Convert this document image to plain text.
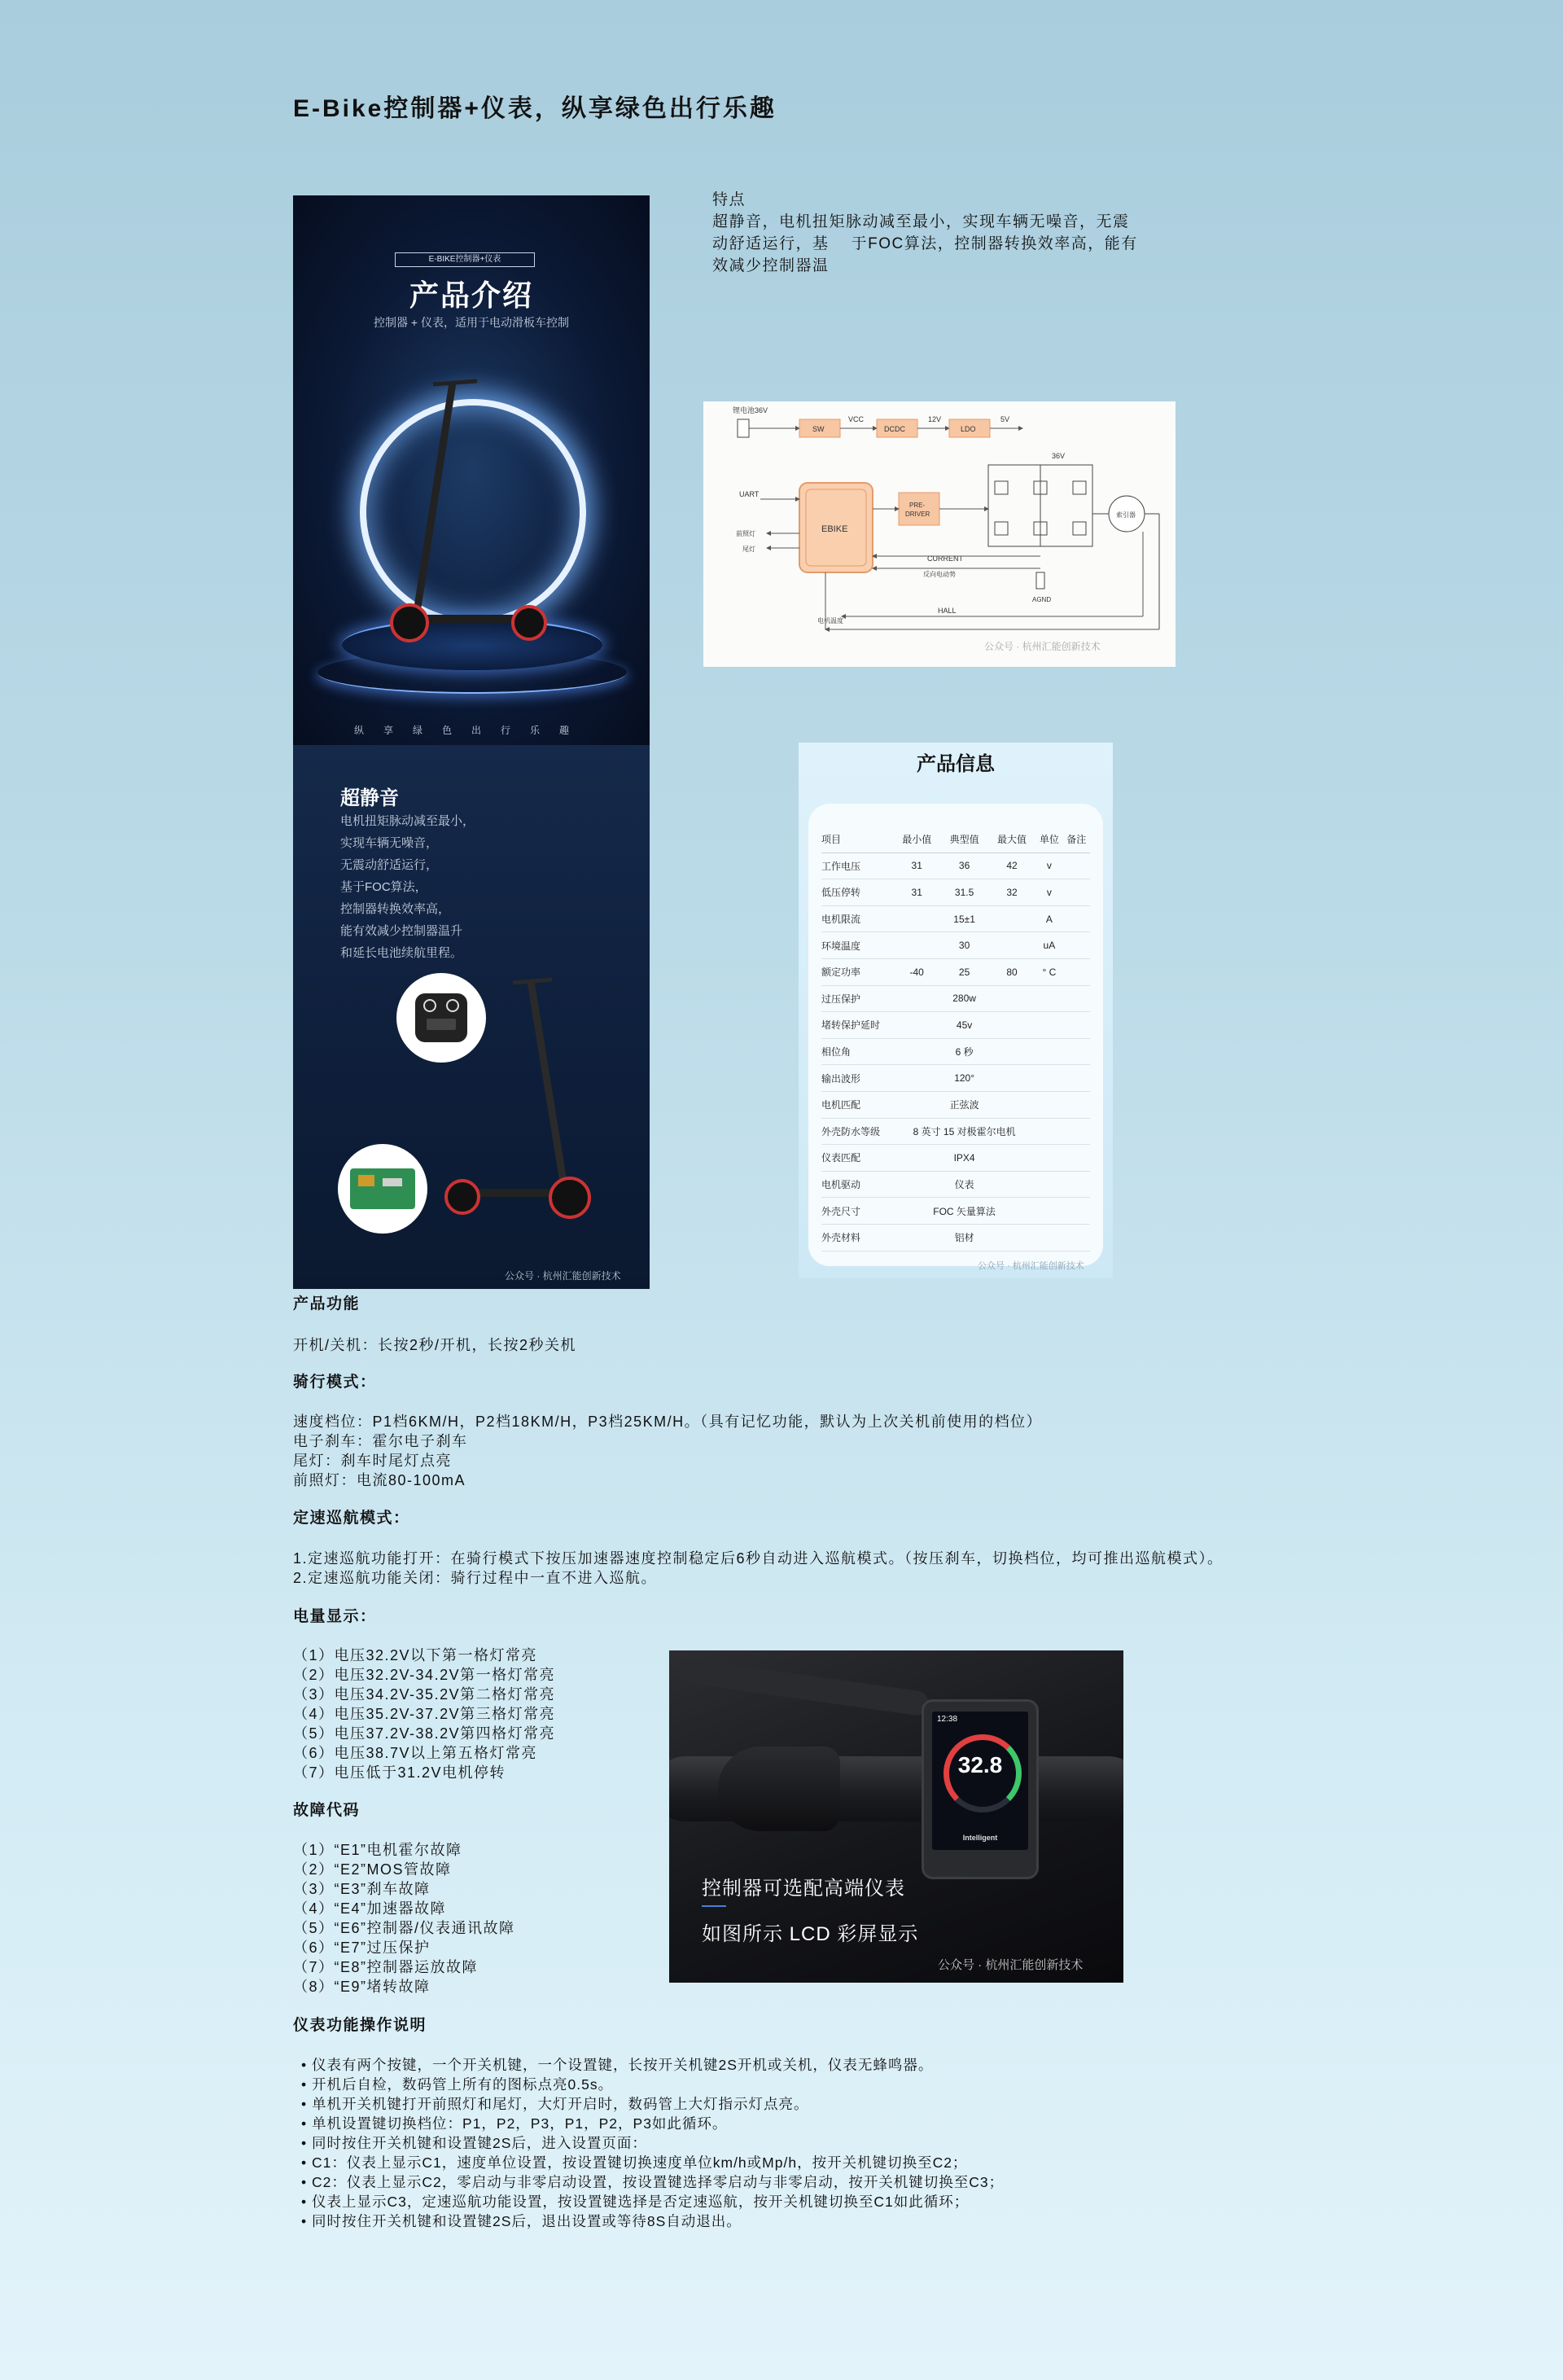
E-Bike控制器+仪表，纵享绿色出行乐趣
特点
超静音，电机扭矩脉动减至最小，实现车辆无噪音，无震
动舒适运行，基    于FOC算法，控制器转换效率高，能有
效减少控制器温
E-BIKE控制器+仪表
产品介绍
控制器 + 仪表，适用于电动滑板车控制
纵享绿色出行乐趣
超静音
电机扭矩脉动减至最小，
实现车辆无噪音，
无震动舒适运行，
基于FOC算法，
控制器转换效率高，
能有效减少控制器温升
和延长电池续航里程。
公众号 · 杭州汇能创新技术
锂电池36V
SW
VCC
DCDC
12V
LDO
5V
36V
EBIKE
PRE-
DRIVER
UART
前照灯
尾灯
索引器
CURRENT
反向电动势
AGND
HALL
电机温度
公众号 · 杭州汇能创新技术
产品信息
项目	最小值	典型值	最大值	单位	备注
工作电压	31	36	42	v	
低压停转	31	31.5	32	v	
电机限流	15±1			A	
环境温度	30			uA	
额定功率	-40	25	80	° C	
过压保护	280w				
堵转保护延时	45v				
相位角	6 秒				
输出波形	120°				
电机匹配	正弦波				
外壳防水等级	8 英寸 15 对极霍尔电机				
仪表匹配	IPX4				
电机驱动	仪表				
外壳尺寸	FOC 矢量算法				
外壳材料	铝材				
公众号 · 杭州汇能创新技术
产品功能
开机/关机：长按2秒/开机，长按2秒关机
骑行模式：
速度档位：P1档6KM/H，P2档18KM/H，P3档25KM/H。（具有记忆功能，默认为上次关机前使用的档位）
电子刹车：霍尔电子刹车
尾灯：刹车时尾灯点亮
前照灯：电流80-100mA
定速巡航模式：
1.定速巡航功能打开：在骑行模式下按压加速器速度控制稳定后6秒自动进入巡航模式。（按压刹车，切换档位，均可推出巡航模式）。
2.定速巡航功能关闭：骑行过程中一直不进入巡航。
电量显示：
（1）电压32.2V以下第一格灯常亮
（2）电压32.2V-34.2V第一格灯常亮
（3）电压34.2V-35.2V第二格灯常亮
（4）电压35.2V-37.2V第三格灯常亮
（5）电压37.2V-38.2V第四格灯常亮
（6）电压38.7V以上第五格灯常亮
（7）电压低于31.2V电机停转
故障代码
（1）“E1”电机霍尔故障
（2）“E2”MOS管故障
（3）“E3”刹车故障
（4）“E4”加速器故障
（5）“E6”控制器/仪表通讯故障
（6）“E7”过压保护
（7）“E8”控制器运放故障
（8）“E9”堵转故障
仪表功能操作说明
• 仪表有两个按键，一个开关机键，一个设置键，长按开关机键2S开机或关机，仪表无蜂鸣器。
• 开机后自检，数码管上所有的图标点亮0.5s。
• 单机开关机键打开前照灯和尾灯，大灯开启时，数码管上大灯指示灯点亮。
• 单机设置键切换档位：P1，P2，P3，P1，P2，P3如此循环。
• 同时按住开关机键和设置键2S后，进入设置页面：
• C1：仪表上显示C1，速度单位设置，按设置键切换速度单位km/h或Mp/h，按开关机键切换至C2；
• C2：仪表上显示C2，零启动与非零启动设置，按设置键选择零启动与非零启动，按开关机键切换至C3；
• 仪表上显示C3，定速巡航功能设置，按设置键选择是否定速巡航，按开关机键切换至C1如此循环；
• 同时按住开关机键和设置键2S后，退出设置或等待8S自动退出。
12:38
32.8
Intelligent
控制器可选配高端仪表
如图所示 LCD 彩屏显示
公众号 · 杭州汇能创新技术
